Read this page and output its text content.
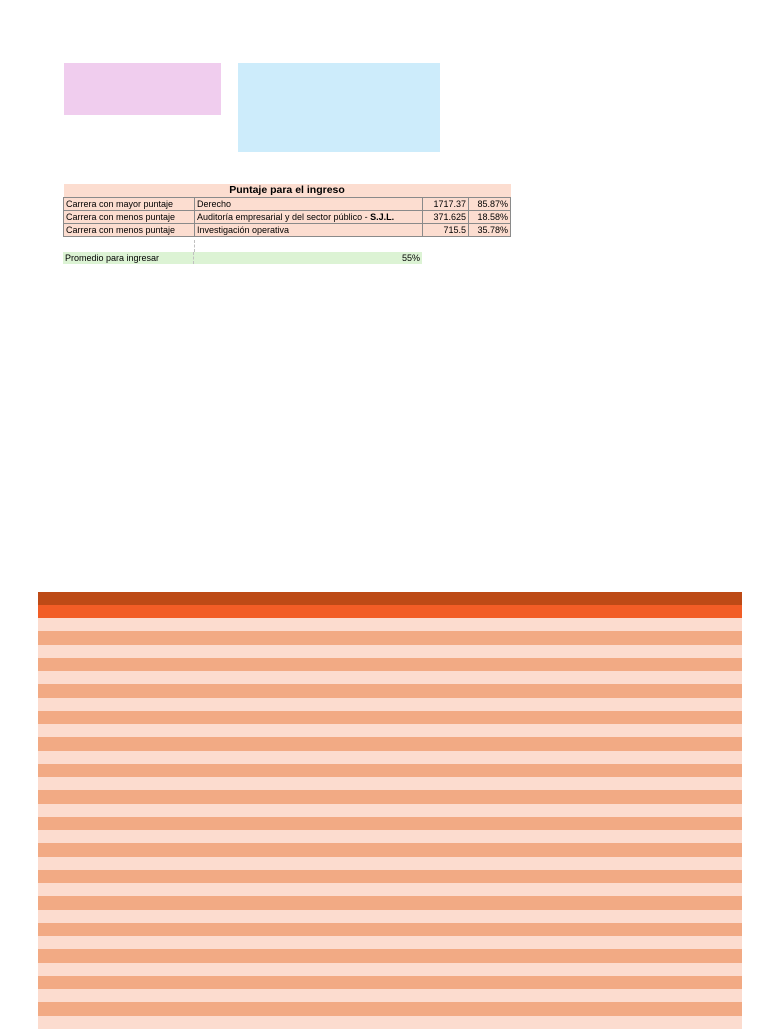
Puntaje para el ingreso			
Carrera con mayor puntaje	Derecho	1717.37	85.87%
Carrera con menos puntaje	Auditoría empresarial y del sector público - S.J.L.	371.625	18.58%
Carrera con menos puntaje	Investigación operativa	715.5	35.78%
Promedio para ingresar	55%
